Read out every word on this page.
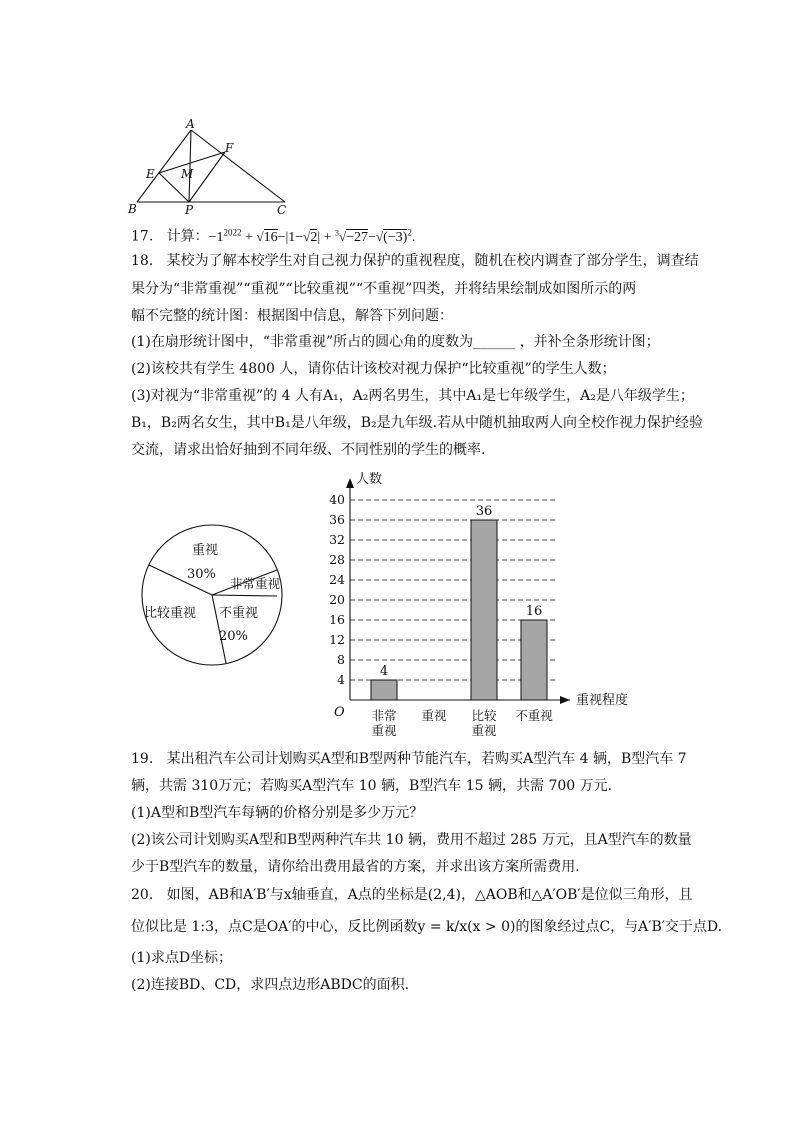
A
F
E M
B	P	C
17. 计算：$-1^{2022} + √16-|1-√2| + ^3√-27-√(-3)^2$.
18. 某校为了解本校学生对自己视力保护的重视程度，随机在校内调查了部分学生，调查结
果分为“非常重视”“重视”“比较重视”“不重视”四类，并将结果绘制成如图所示的两
幅不完整的统计图：根据图中信息，解答下列问题：
(1)在扇形统计图中，“非常重视”所占的圆心角的度数为______ ，并补全条形统计图；
(2)该校共有学生 4800 人，请你估计该校对视力保护“比较重视”的学生人数；
(3)对视为“非常重视”的 4 人有A₁，A₂两名男生，其中A₁是七年级学生，A₂是八年级学生；
B₁，B₂两名女生，其中B₁是八年级，B₂是九年级.若从中随机抽取两人向全校作视力保护经验
交流，请求出恰好抽到不同年级、不同性别的学生的概率.
重视
30%
非常重视
不重视
20%
比较重视
4
8
12
16
20
24
28
32
36
40
人数
重视程度
O
4
非常
重视
重视
36
比较
重视
16
不重视
19. 某出租汽车公司计划购买A型和B型两种节能汽车，若购买A型汽车 4 辆，B型汽车 7
辆，共需 310万元；若购买A型汽车 10 辆，B型汽车 15 辆，共需 700 万元．
(1)A型和B型汽车每辆的价格分别是多少万元？
(2)该公司计划购买A型和B型两种汽车共 10 辆，费用不超过 285 万元，且A型汽车的数量
少于B型汽车的数量，请你给出费用最省的方案，并求出该方案所需费用．
20. 如图，AB和A′B′与x轴垂直，A点的坐标是(2,4)，△AOB和△A′OB′是位似三角形，且
位似比是 1:3，点C是OA′的中心，反比例函数y = k/x(x > 0)的图象经过点C，与A′B′交于点D.
(1)求点D坐标；
(2)连接BD、CD，求四点边形ABDC的面积.
